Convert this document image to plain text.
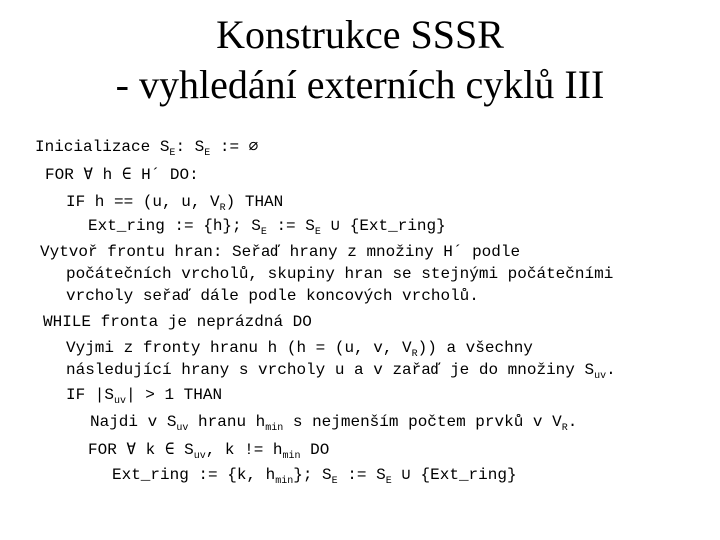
Konstrukce SSSR
- vyhledání externích cyklů III
Inicializace $S_E$: $S_E$ := ∅
FOR ∀ h ∈ H´ DO:
IF h == (u, u, $V_R$) THAN
Ext_ring := {h}; $S_E$ := $S_E$ ∪ {Ext_ring}
Vytvoř frontu hran: Seřaď hrany z množiny H´ podle
počátečních vrcholů, skupiny hran se stejnými počátečními
vrcholy seřaď dále podle koncových vrcholů.
WHILE fronta je neprázdná DO
Vyjmi z fronty hranu h (h = (u, v, $V_R$)) a všechny
následující hrany s vrcholy u a v zařaď je do množiny $S_{uv}$.
IF $|S_{uv}| > 1$ THAN
Najdi v $S_{uv}$ hranu $h_{min}$ s nejmenším počtem prvků v $V_R$.
FOR ∀ k ∈ $S_{uv}$, k != $h_{min}$ DO
Ext_ring := {k, $h_{min}$}; $S_E$ := $S_E$ ∪ {Ext_ring}
